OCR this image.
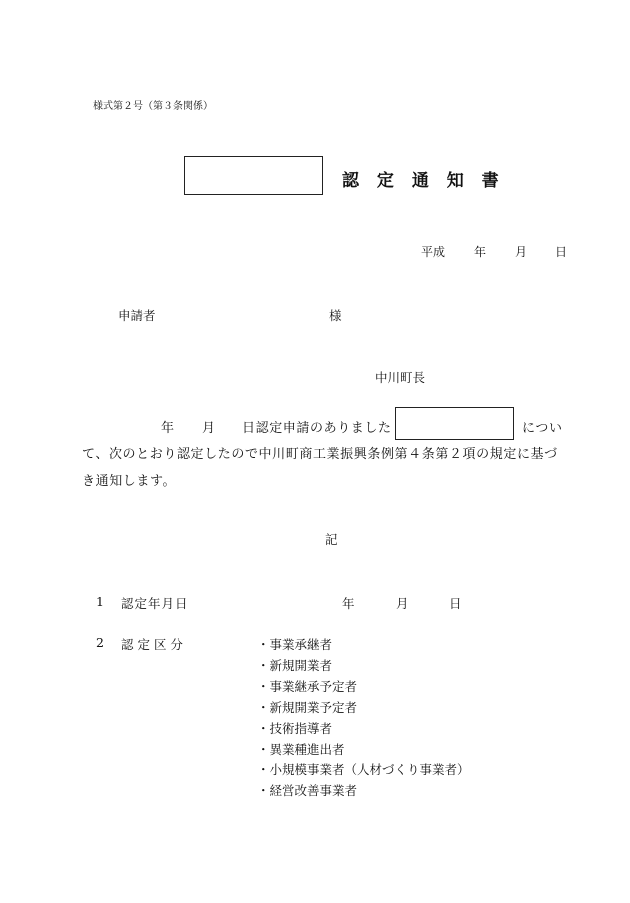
様式第２号（第３条関係）
認 定 通 知 書
平成 年 月 日
申請者	様
中川町長
年 月 日認定申請のありました	につい
て、次のとおり認定したので中川町商工業振興条例第４条第２項の規定に基づ
き通知します。
記
1 認定年月日	年	月	日
2 認 定 区 分	・事業承継者
・新規開業者
・事業継承予定者
・新規開業予定者
・技術指導者
・異業種進出者
・小規模事業者（人材づくり事業者）
・経営改善事業者
